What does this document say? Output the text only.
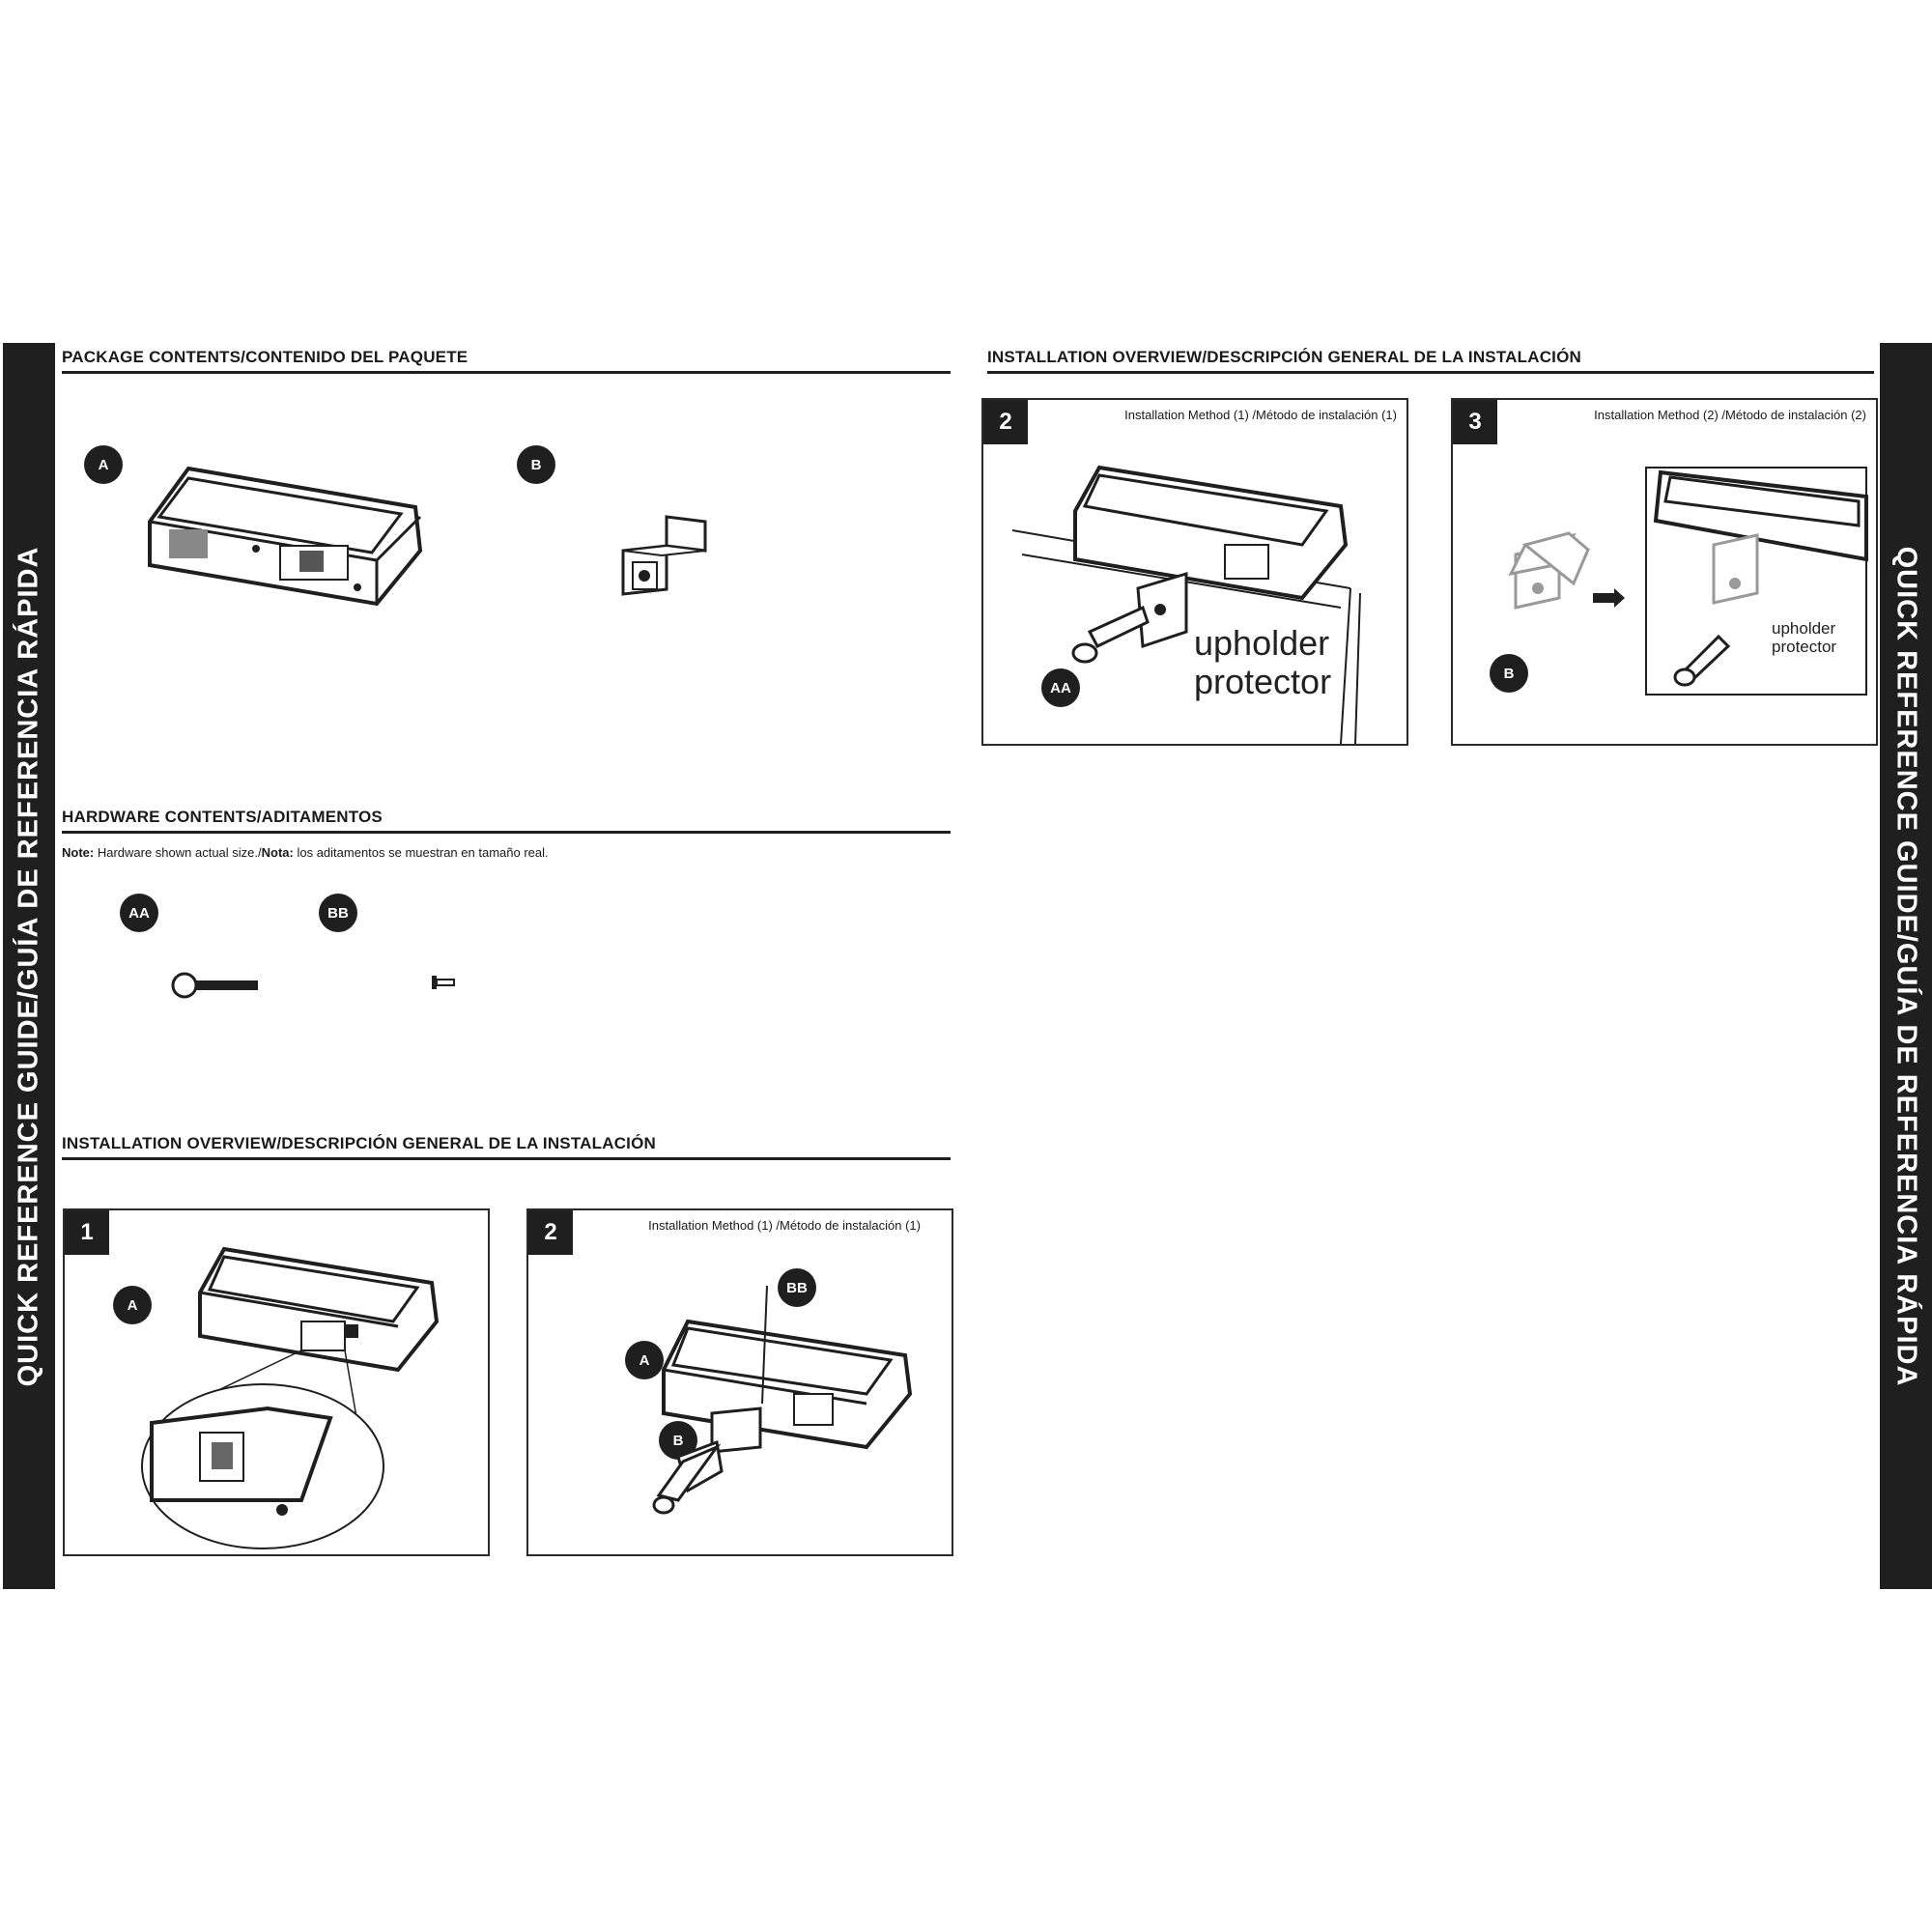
QUICK REFERENCE GUIDE/GUÍA DE REFERENCIA RÁPIDA	QUICK REFERENCE GUIDE/GUÍA DE REFERENCIA RÁPIDA
PACKAGE CONTENTS/CONTENIDO DEL PAQUETE
A	B
HARDWARE CONTENTS/ADITAMENTOS
Note: Hardware shown actual size./Nota: los aditamentos se muestran en tamaño real.
AA	BB
INSTALLATION OVERVIEW/DESCRIPCIÓN GENERAL DE LA INSTALACIÓN
1
A
2	Installation Method (1) /Método de instalación (1)
BB
A
B
INSTALLATION OVERVIEW/DESCRIPCIÓN GENERAL DE LA INSTALACIÓN
2	Installation Method (1) /Método de instalación (1)
AA
upholder
protector
3	Installation Method (2) /Método de instalación (2)
B
upholder
protector
